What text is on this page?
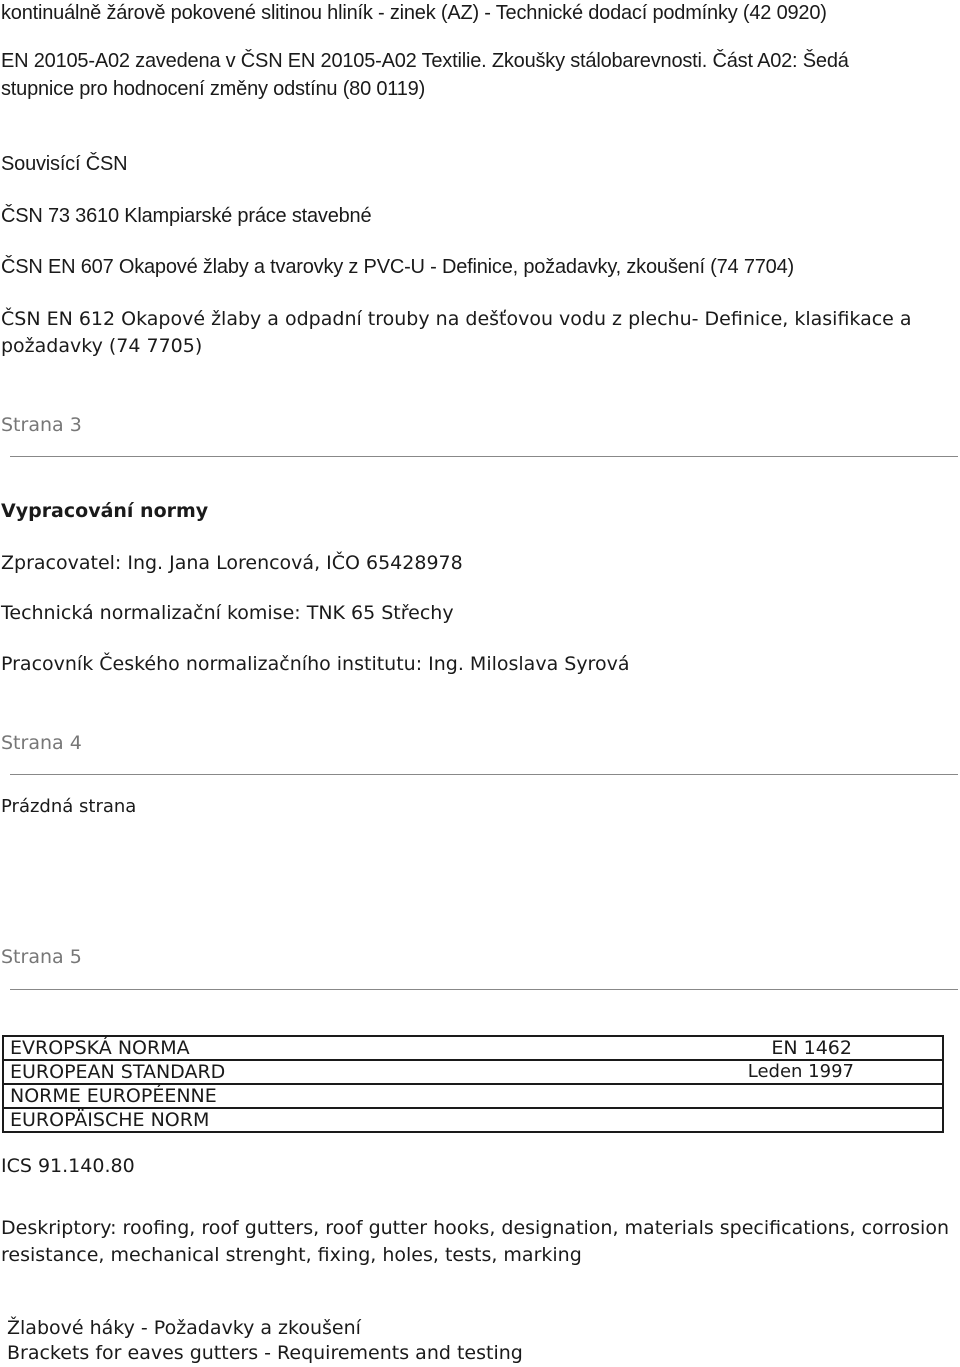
kontinuálně žárově pokovené slitinou hliník - zinek (AZ) - Technické dodací podmínky (42 0920)
EN 20105-A02 zavedena v ČSN EN 20105-A02 Textilie. Zkoušky stálobarevnosti. Část A02: Šedá
stupnice pro hodnocení změny odstínu (80 0119)
Souvisící ČSN
ČSN 73 3610 Klampiarské práce stavebné
ČSN EN 607 Okapové žlaby a tvarovky z PVC-U - Definice, požadavky, zkoušení (74 7704)
ČSN EN 612 Okapové žlaby a odpadní trouby na dešťovou vodu z plechu- Definice, klasifikace a
požadavky (74 7705)
Strana 3
Vypracování normy
Zpracovatel: Ing. Jana Lorencová, IČO 65428978
Technická normalizační komise: TNK 65 Střechy
Pracovník Českého normalizačního institutu: Ing. Miloslava Syrová
Strana 4
Prázdná strana
Strana 5
EVROPSKÁ NORMA	EN 1462

EUROPEAN STANDARD	Leden 1997

NORME EUROPÉENNE
EUROPÄISCHE NORM
ICS 91.140.80
Deskriptory: roofing, roof gutters, roof gutter hooks, designation, materials specifications, corrosion
resistance, mechanical strenght, fixing, holes, tests, marking
Žlabové háky - Požadavky a zkoušení
Brackets for eaves gutters - Requirements and testing
